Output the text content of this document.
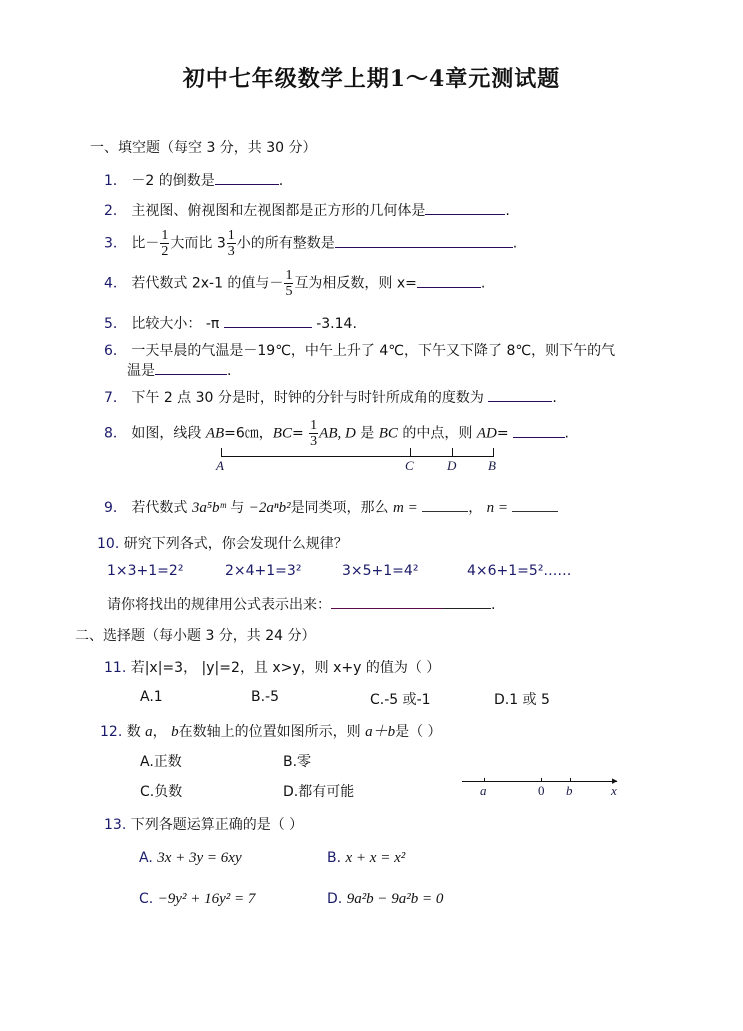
初中七年级数学上期1～4章元测试题
一、填空题（每空 3 分，共 30 分）
1． －2 的倒数是	.
2． 主视图、俯视图和左视图都是正方形的几何体是	.
3． 比－ $\frac{1}{2}$ 大而比 $3 \frac{1}{3}$ 小的所有整数是	.
4． 若代数式 2x-1 的值与－ $\frac{1}{5}$ 互为相反数，则 x=	.
5． 比较大小： -π	-3.14.
6． 一天早晨的气温是－19℃，中午上升了 4℃，下午又下降了 8℃，则下午的气
温是	.
7． 下午 2 点 30 分是时，时钟的分针与时针所成角的度数为	.
8． 如图，线段 AB=6㎝，$BC= \frac{1}{3}$ AB, D 是 BC 的中点，则 AD=	.
A	C	D B
9． 若代数式 3a⁵bᵐ 与 −2aⁿb²是同类项，那么 m =	， n =
10. 研究下列各式，你会发现什么规律？
1×3+1=2²	2×4+1=3²	3×5+1=4²	4×6+1=5²……
请你将找出的规律用公式表示出来：	.
二、选择题（每小题 3 分，共 24 分）
11. 若|x|=3， |y|=2，且 x>y，则 x+y 的值为（ ）
A.1	B.-5	C.-5 或-1	D.1 或 5
12. 数 a， b在数轴上的位置如图所示，则 a＋b是（ ）
A.正数	B.零
C.负数	D.都有可能
▸
a	0 b	x
13. 下列各题运算正确的是（ ）
A. 3x + 3y = 6xy	B. x + x = x²
C. −9y² + 16y² = 7	D. 9a²b − 9a²b = 0
